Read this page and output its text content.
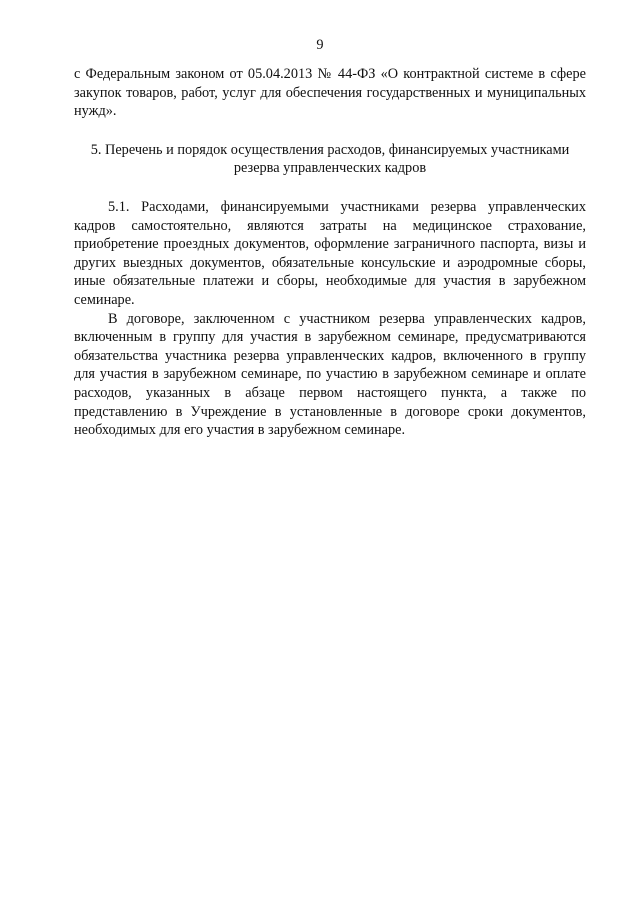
9

с Федеральным законом от 05.04.2013 № 44-ФЗ «О контрактной системе в сфере закупок товаров, работ, услуг для обеспечения государственных и муниципальных нужд».

5. Перечень и порядок осуществления расходов, финансируемых участниками
резерва управленческих кадров

5.1. Расходами, финансируемыми участниками резерва управленческих кадров самостоятельно, являются затраты на медицинское страхование, приобретение проездных документов, оформление заграничного паспорта, визы и других выездных документов, обязательные консульские и аэродромные сборы, иные обязательные платежи и сборы, необходимые для участия в зарубежном семинаре.

В договоре, заключенном с участником резерва управленческих кадров, включенным в группу для участия в зарубежном семинаре, предусматриваются обязательства участника резерва управленческих кадров, включенного в группу для участия в зарубежном семинаре, по участию в зарубежном семинаре и оплате расходов, указанных в абзаце первом настоящего пункта, а также по представлению в Учреждение в установленные в договоре сроки документов, необходимых для его участия в зарубежном семинаре.
